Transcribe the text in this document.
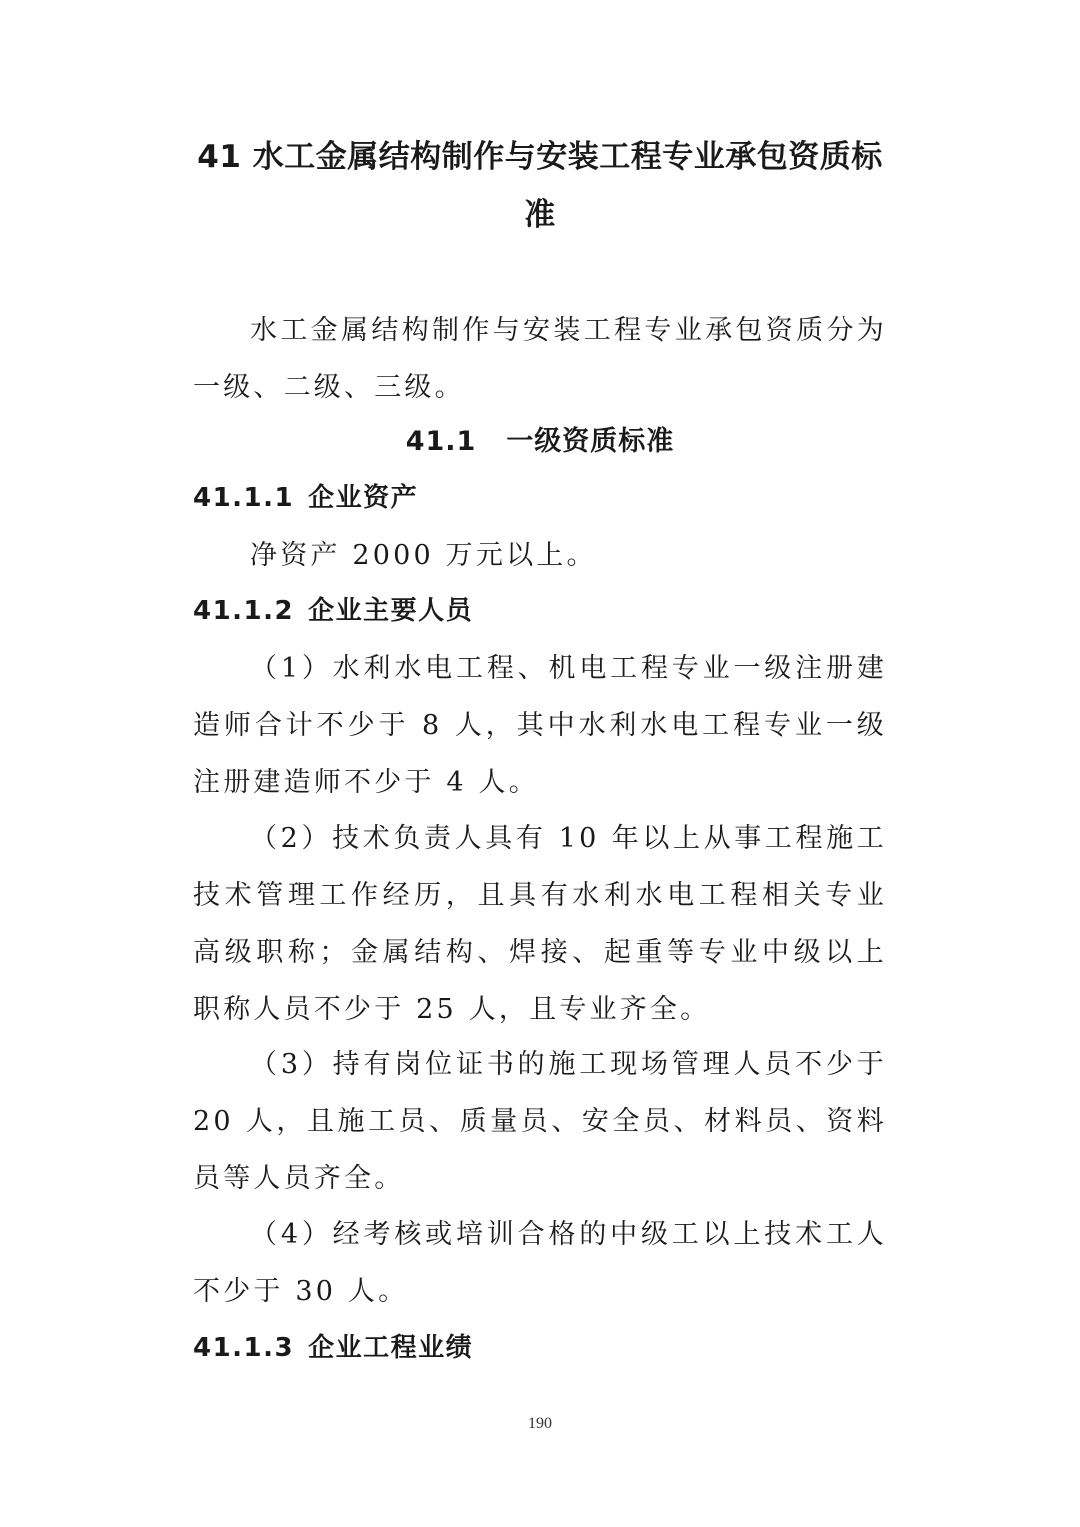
41 水工金属结构制作与安装工程专业承包资质标准

水工金属结构制作与安装工程专业承包资质分为一级、二级、三级。

41.1 一级资质标准
41.1.1 企业资产

净资产 2000 万元以上。

41.1.2 企业主要人员

（1）水利水电工程、机电工程专业一级注册建造师合计不少于 8 人，其中水利水电工程专业一级注册建造师不少于 4 人。

（2）技术负责人具有 10 年以上从事工程施工技术管理工作经历，且具有水利水电工程相关专业高级职称；金属结构、焊接、起重等专业中级以上职称人员不少于 25 人，且专业齐全。

（3）持有岗位证书的施工现场管理人员不少于 20 人，且施工员、质量员、安全员、材料员、资料员等人员齐全。

（4）经考核或培训合格的中级工以上技术工人不少于 30 人。

41.1.3 企业工程业绩
190
